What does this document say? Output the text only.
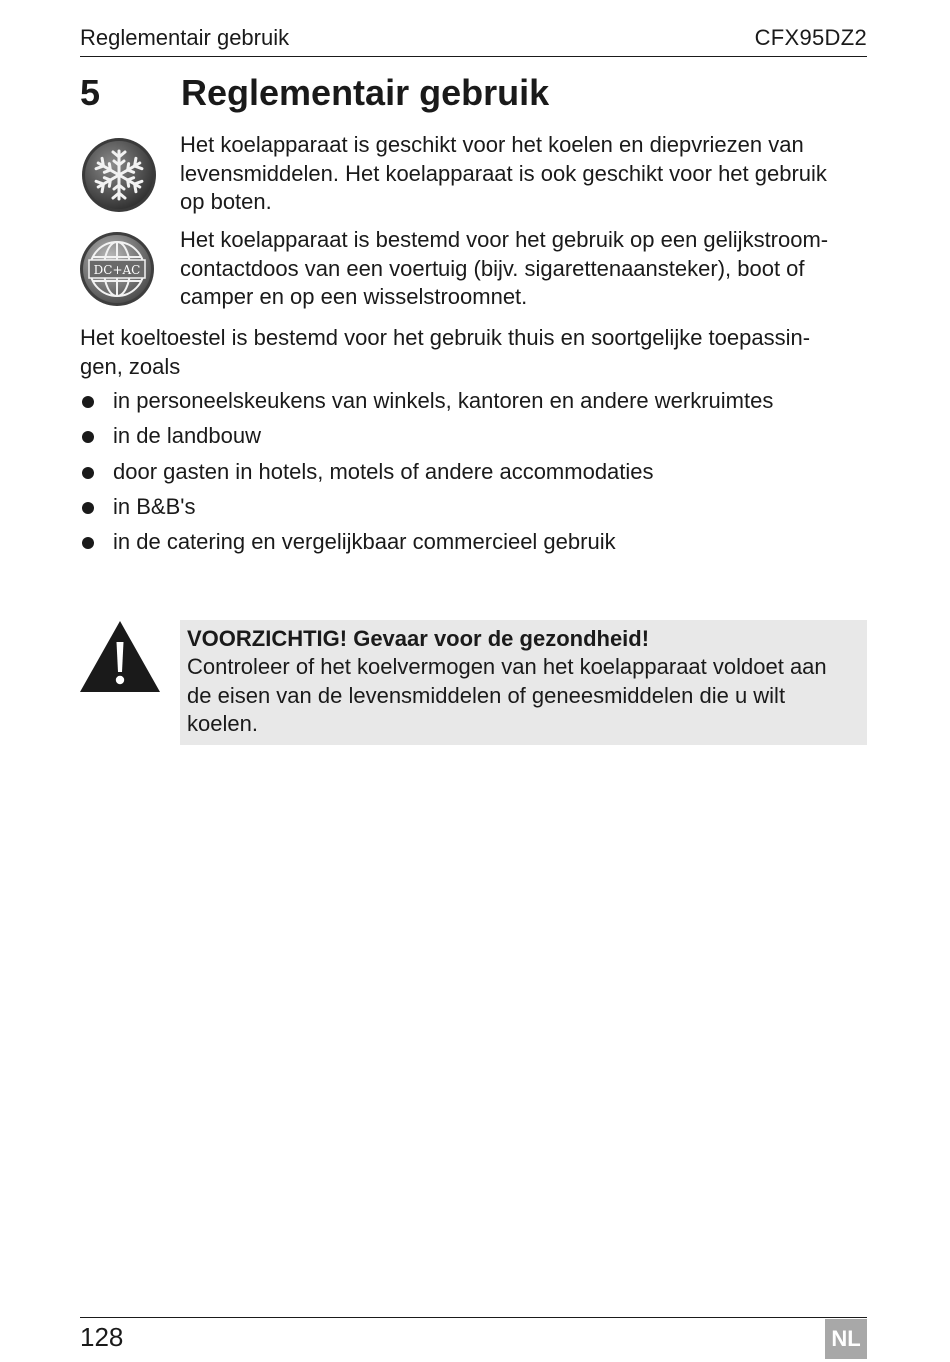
Reglementair gebruik	CFX95DZ2
5 Reglementair gebruik
DC+AC
Het koelapparaat is geschikt voor het koelen en diepvriezen van
levensmiddelen. Het koelapparaat is ook geschikt voor het gebruik
op boten.
Het koelapparaat is bestemd voor het gebruik op een gelijkstroom-
contactdoos van een voertuig (bijv. sigarettenaansteker), boot of
camper en op een wisselstroomnet.
Het koeltoestel is bestemd voor het gebruik thuis en soortgelijke toepassin-
gen, zoals
in personeelskeukens van winkels, kantoren en andere werkruimtes
in de landbouw
door gasten in hotels, motels of andere accommodaties
in B&B's
in de catering en vergelijkbaar commercieel gebruik
VOORZICHTIG! Gevaar voor de gezondheid!
Controleer of het koelvermogen van het koelapparaat voldoet aan
de eisen van de levensmiddelen of geneesmiddelen die u wilt
koelen.
128	NL
